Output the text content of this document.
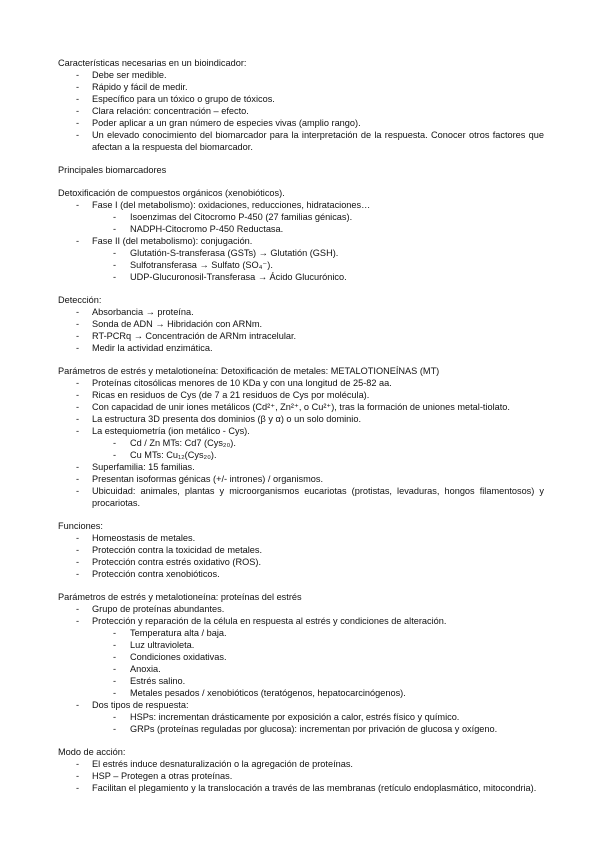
Características necesarias en un bioindicador:
- Debe ser medible.
- Rápido y fácil de medir.
- Específico para un tóxico o grupo de tóxicos.
- Clara relación: concentración – efecto.
- Poder aplicar a un gran número de especies vivas (amplio rango).
- Un elevado conocimiento del biomarcador para la interpretación de la respuesta. Conocer otros factores que afectan a la respuesta del biomarcador.
Principales biomarcadores
Detoxificación de compuestos orgánicos (xenobióticos).
- Fase I (del metabolismo): oxidaciones, reducciones, hidrataciones…
- Isoenzimas del Citocromo P-450 (27 familias génicas).
- NADPH-Citocromo P-450 Reductasa.
- Fase II (del metabolismo): conjugación.
- Glutatión-S-transferasa (GSTs) → Glutatión (GSH).
- Sulfotransferasa → Sulfato (SO₄⁻).
- UDP-Glucuronosil-Transferasa → Ácido Glucurónico.
Detección:
- Absorbancia → proteína.
- Sonda de ADN → Hibridación con ARNm.
- RT-PCRq → Concentración de ARNm intracelular.
- Medir la actividad enzimática.
Parámetros de estrés y metalotioneína: Detoxificación de metales: METALOTIONEÍNAS (MT)
- Proteínas citosólicas menores de 10 KDa y con una longitud de 25-82 aa.
- Ricas en residuos de Cys (de 7 a 21 residuos de Cys por molécula).
- Con capacidad de unir iones metálicos (Cd²⁺, Zn²⁺, o Cu²⁺), tras la formación de uniones metal-tiolato.
- La estructura 3D presenta dos dominios (β y α) o un solo dominio.
- La estequiometría (ion metálico - Cys).
- Cd / Zn MTs: Cd7 (Cys₂₀).
- Cu MTs: Cu₁₂(Cys₂₀).
- Superfamilia: 15 familias.
- Presentan isoformas génicas (+/- intrones) / organismos.
- Ubicuidad: animales, plantas y microorganismos eucariotas (protistas, levaduras, hongos filamentosos) y procariotas.
Funciones:
- Homeostasis de metales.
- Protección contra la toxicidad de metales.
- Protección contra estrés oxidativo (ROS).
- Protección contra xenobióticos.
Parámetros de estrés y metalotioneína: proteínas del estrés
- Grupo de proteínas abundantes.
- Protección y reparación de la célula en respuesta al estrés y condiciones de alteración.
- Temperatura alta / baja.
- Luz ultravioleta.
- Condiciones oxidativas.
- Anoxia.
- Estrés salino.
- Metales pesados / xenobióticos (teratógenos, hepatocarcinógenos).
- Dos tipos de respuesta:
- HSPs: incrementan drásticamente por exposición a calor, estrés físico y químico.
- GRPs (proteínas reguladas por glucosa): incrementan por privación de glucosa y oxígeno.
Modo de acción:
- El estrés induce desnaturalización o la agregación de proteínas.
- HSP – Protegen a otras proteínas.
- Facilitan el plegamiento y la translocación a través de las membranas (retículo endoplasmático, mitocondria).
